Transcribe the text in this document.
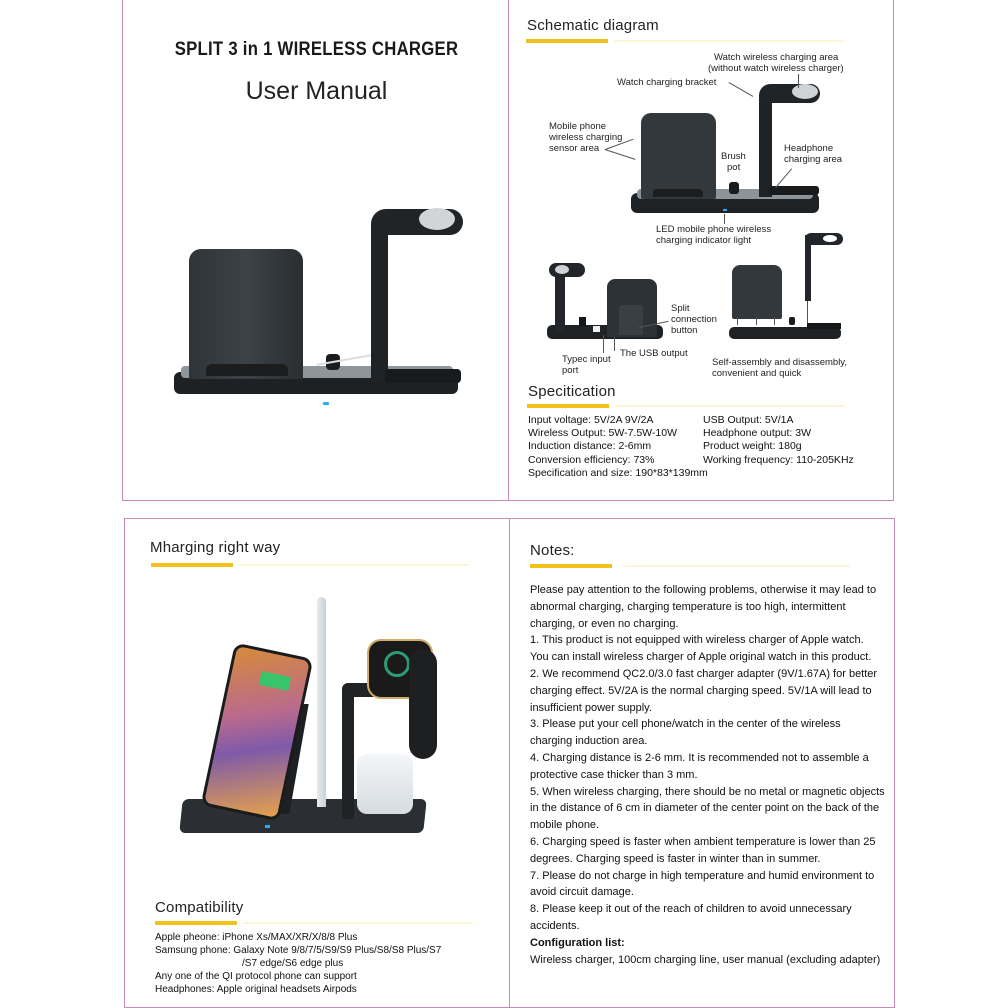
SPLIT 3 in 1 WIRELESS CHARGER
User Manual
Schematic diagram
Watch wireless charging area
(without watch wireless charger)
Watch charging bracket
Mobile phone
wireless charging
sensor area
Brush
pot
Headphone
charging area
LED mobile phone wireless
charging indicator light
Split
connection
button
Typec input
port
The USB output
Self-assembly and disassembly,
convenient and quick
Specitication
Input voltage: 5V/2A 9V/2A
Wireless Output: 5W-7.5W-10W
Induction distance: 2-6mm
Conversion efficiency: 73%
USB Output: 5V/1A
Headphone output: 3W
Product weight: 180g
Working frequency: 110-205KHz
Specification and size: 190*83*139mm
Mharging right way
Compatibility
Apple pheone: iPhone Xs/MAX/XR/X/8/8 Plus
Samsung phone: Galaxy Note 9/8/7/5/S9/S9 Plus/S8/S8 Plus/S7
/S7 edge/S6 edge plus
Any one of the QI protocol phone can support
Headphones: Apple original headsets Airpods
Notes:

Please pay attention to the following problems, otherwise it may lead to abnormal charging, charging temperature is too high, intermittent charging, or even no charging.

1. This product is not equipped with wireless charger of Apple watch. You can install wireless charger of Apple original watch in this product.

2. We recommend QC2.0/3.0 fast charger adapter (9V/1.67A) for better charging effect. 5V/2A is the normal charging speed. 5V/1A will lead to insufficient power supply.

3. Please put your cell phone/watch in the center of the wireless charging induction area.

4. Charging distance is 2-6 mm. It is recommended not to assemble a protective case thicker than 3 mm.

5. When wireless charging, there should be no metal or magnetic objects in the distance of 6 cm in diameter of the center point on the back of the mobile phone.

6. Charging speed is faster when ambient temperature is lower than 25 degrees. Charging speed is faster in winter than in summer.

7. Please do not charge in high temperature and humid environment to avoid circuit damage.

8. Please keep it out of the reach of children to avoid unnecessary accidents.

Configuration list:

Wireless charger, 100cm charging line, user manual (excluding adapter)
